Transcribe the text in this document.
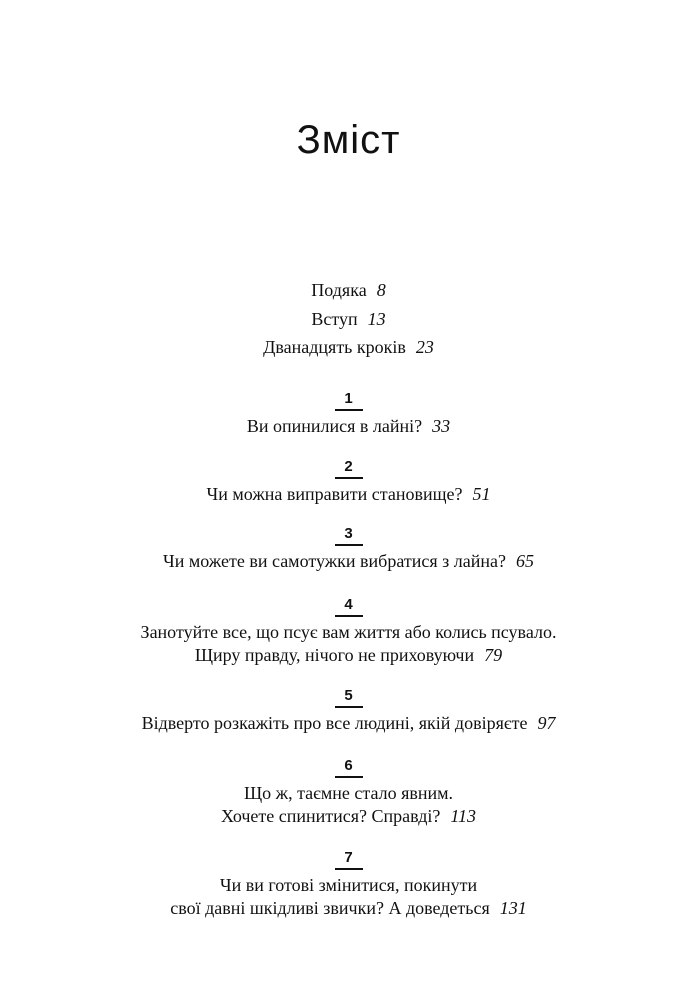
Зміст
Подяка 8
Вступ 13
Дванадцять кроків 23
1
Ви опинилися в лайні? 33
2
Чи можна виправити становище? 51
3
Чи можете ви самотужки вибратися з лайна? 65
4

Занотуйте все, що псує вам життя або колись псувало.
Щиру правду, нічого не приховуючи 79
5
Відверто розкажіть про все людині, якій довіряєте 97
6

Що ж, таємне стало явним.
Хочете спинитися? Справді? 113
7

Чи ви готові змінитися, покинути
свої давні шкідливі звички? А доведеться 131
